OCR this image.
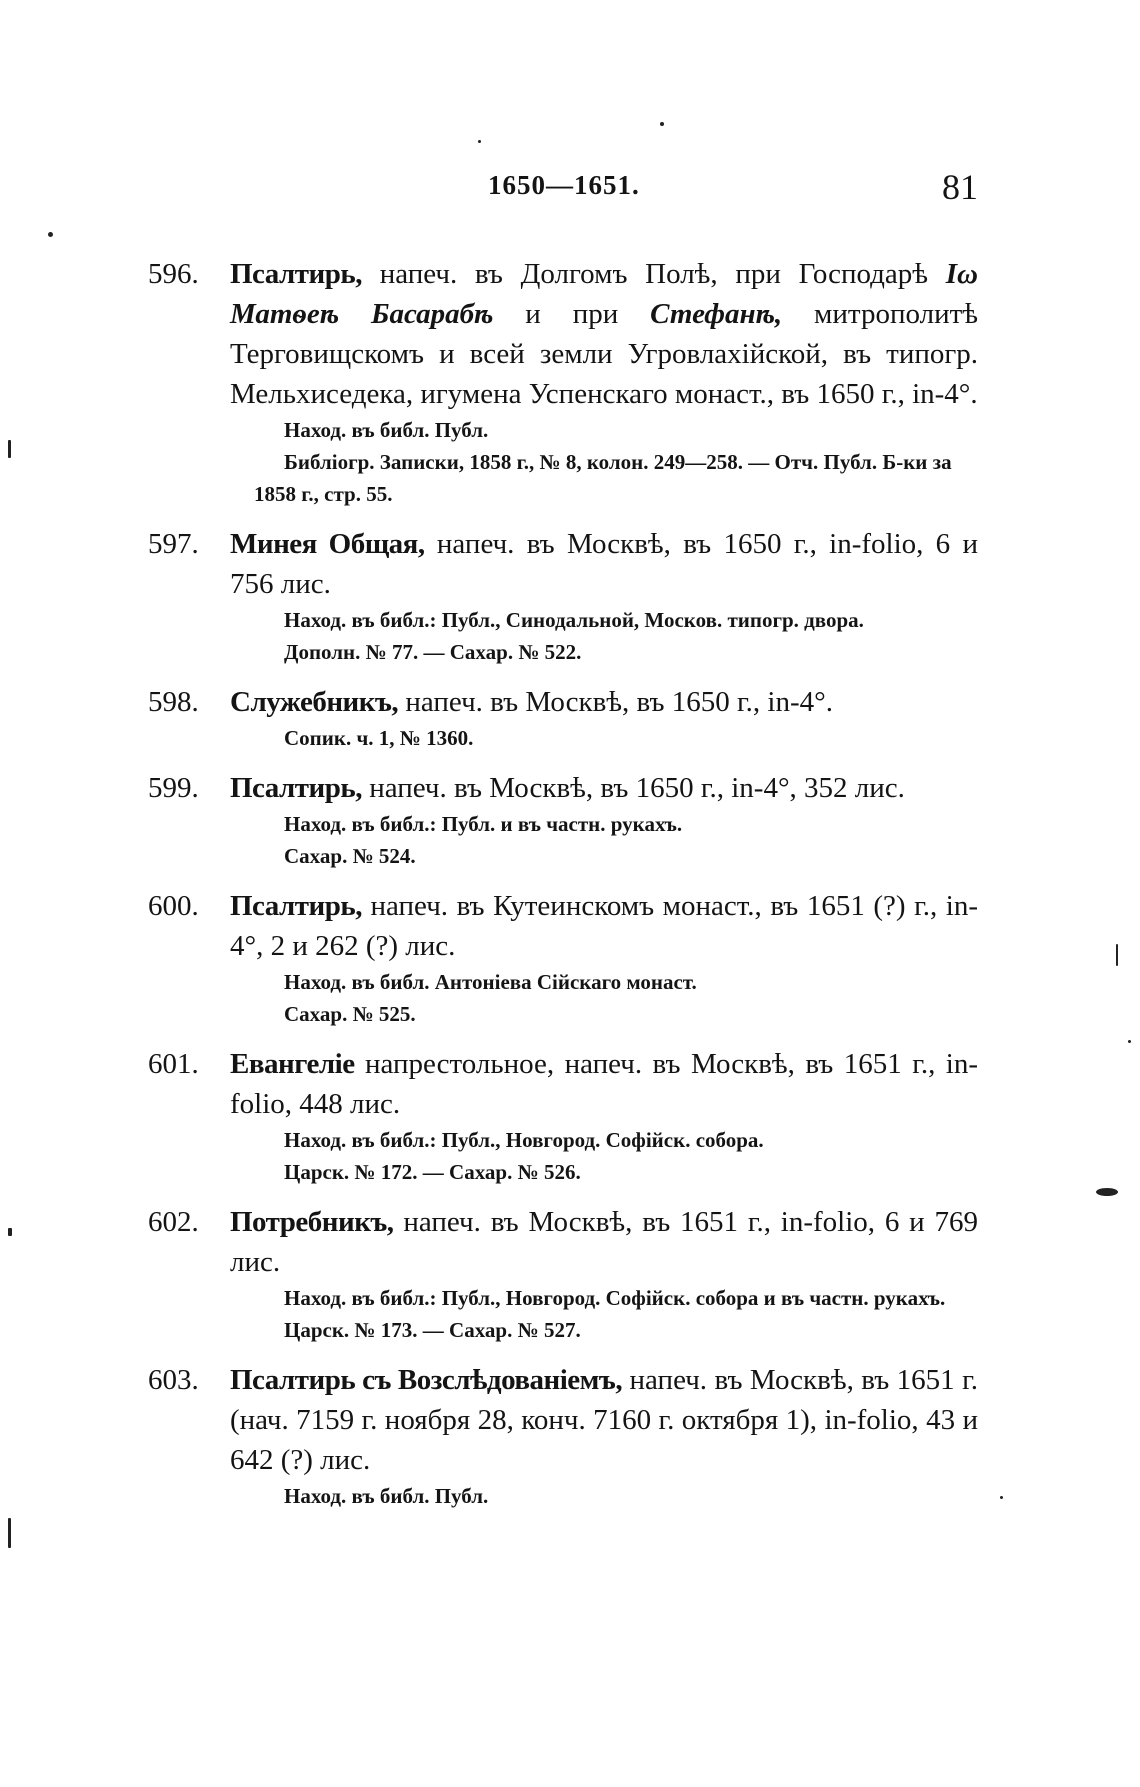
1650—1651.	81
596. Псалтирь, напеч. въ Долгомъ Полѣ, при Господарѣ Іω Матѳеѣ Басарабѣ и при Стефанѣ, митрополитѣ Терговищскомъ и всей земли Угровлахійской, въ типогр. Мельхиседека, игумена Успенскаго монаст., въ 1650 г., in-4°.
Наход. въ библ. Публ.
Библіогр. Записки, 1858 г., № 8, колон. 249—258. — Отч. Публ. Б-ки за 1858 г., стр. 55.
597. Минея Общая, напеч. въ Москвѣ, въ 1650 г., in-folio, 6 и 756 лис.
Наход. въ библ.: Публ., Синодальной, Москов. типогр. двора.
Дополн. № 77. — Сахар. № 522.
598. Служебникъ, напеч. въ Москвѣ, въ 1650 г., in-4°.
Сопик. ч. 1, № 1360.
599. Псалтирь, напеч. въ Москвѣ, въ 1650 г., in-4°, 352 лис.
Наход. въ библ.: Публ. и въ частн. рукахъ.
Сахар. № 524.
600. Псалтирь, напеч. въ Кутеинскомъ монаст., въ 1651 (?) г., in-4°, 2 и 262 (?) лис.
Наход. въ библ. Антоніева Сійскаго монаст.
Сахар. № 525.
601. Евангеліе напрестольное, напеч. въ Москвѣ, въ 1651 г., in-folio, 448 лис.
Наход. въ библ.: Публ., Новгород. Софійск. собора.
Царск. № 172. — Сахар. № 526.
602. Потребникъ, напеч. въ Москвѣ, въ 1651 г., in-folio, 6 и 769 лис.
Наход. въ библ.: Публ., Новгород. Софійск. собора и въ частн. рукахъ.
Царск. № 173. — Сахар. № 527.
603. Псалтирь съ Возслѣдованіемъ, напеч. въ Москвѣ, въ 1651 г. (нач. 7159 г. ноября 28, конч. 7160 г. октября 1), in-folio, 43 и 642 (?) лис.
Наход. въ библ. Публ.
